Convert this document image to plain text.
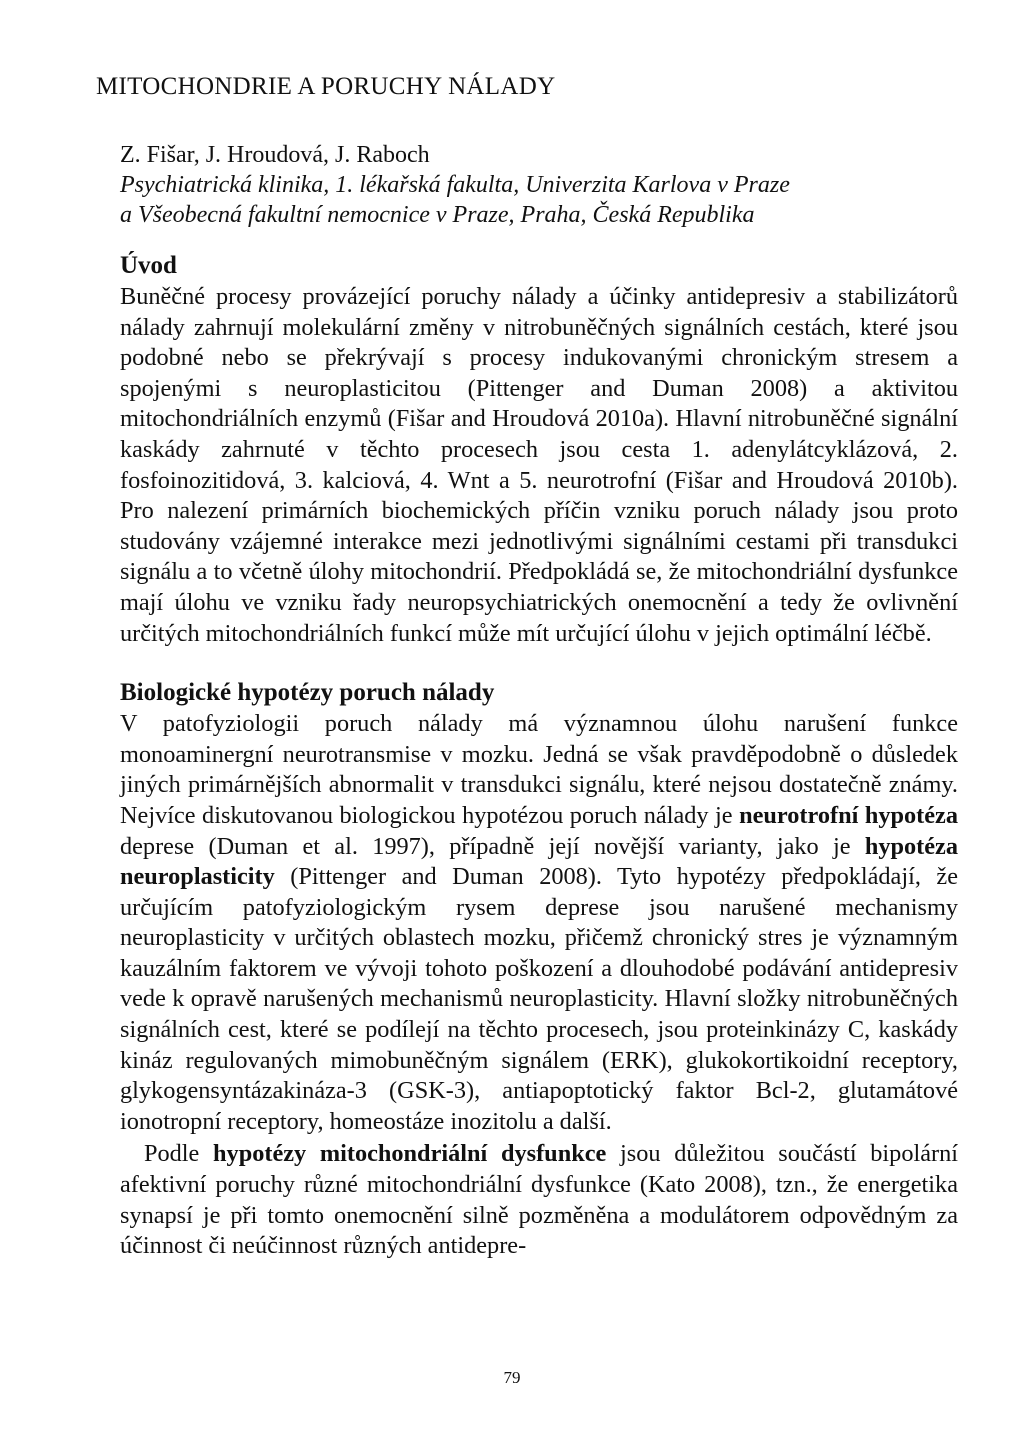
MITOCHONDRIE A PORUCHY NÁLADY
Z. Fišar, J. Hroudová, J. Raboch
Psychiatrická klinika, 1. lékařská fakulta, Univerzita Karlova v Praze
a Všeobecná fakultní nemocnice v Praze, Praha, Česká Republika
Úvod

Buněčné procesy provázející poruchy nálady a účinky antidepresiv a stabilizátorů nálady zahrnují molekulární změny v nitrobuněčných signálních cestách, které jsou podobné nebo se překrývají s procesy indukovanými chronickým stresem a spojenými s neuroplasticitou (Pittenger and Duman 2008) a aktivitou mitochondriálních enzymů (Fišar and Hroudová 2010a). Hlavní nitrobuněčné signální kaskády zahrnuté v těchto procesech jsou cesta 1. adenylátcyklázová, 2. fosfoinozitidová, 3. kalciová, 4. Wnt a 5. neurotrofní (Fišar and Hroudová 2010b). Pro nalezení primárních biochemických příčin vzniku poruch nálady jsou proto studovány vzájemné interakce mezi jednotlivými signálními cestami při transdukci signálu a to včetně úlohy mitochondrií. Předpokládá se, že mitochondriální dysfunkce mají úlohu ve vzniku řady neuropsychiatrických onemocnění a tedy že ovlivnění určitých mitochondriálních funkcí může mít určující úlohu v jejich optimální léčbě.

Biologické hypotézy poruch nálady

V patofyziologii poruch nálady má významnou úlohu narušení funkce monoaminergní neurotransmise v mozku. Jedná se však pravděpodobně o důsledek jiných primárnějších abnormalit v transdukci signálu, které nejsou dostatečně známy. Nejvíce diskutovanou biologickou hypotézou poruch nálady je neurotrofní hypotéza deprese (Duman et al. 1997), případně její novější varianty, jako je hypotéza neuroplasticity (Pittenger and Duman 2008). Tyto hypotézy předpokládají, že určujícím patofyziologickým rysem deprese jsou narušené mechanismy neuroplasticity v určitých oblastech mozku, přičemž chronický stres je významným kauzálním faktorem ve vývoji tohoto poškození a dlouhodobé podávání antidepresiv vede k opravě narušených mechanismů neuroplasticity. Hlavní složky nitrobuněčných signálních cest, které se podílejí na těchto procesech, jsou proteinkinázy C, kaskády kináz regulovaných mimobuněčným signálem (ERK), glukokortikoidní receptory, glykogensyntázakináza-3 (GSK-3), antiapoptotický faktor Bcl-2, glutamátové ionotropní receptory, homeostáze inozitolu a další.

Podle hypotézy mitochondriální dysfunkce jsou důležitou součástí bipolární afektivní poruchy různé mitochondriální dysfunkce (Kato 2008), tzn., že energetika synapsí je při tomto onemocnění silně pozměněna a modulátorem odpovědným za účinnost či neúčinnost různých antidepre-

79
